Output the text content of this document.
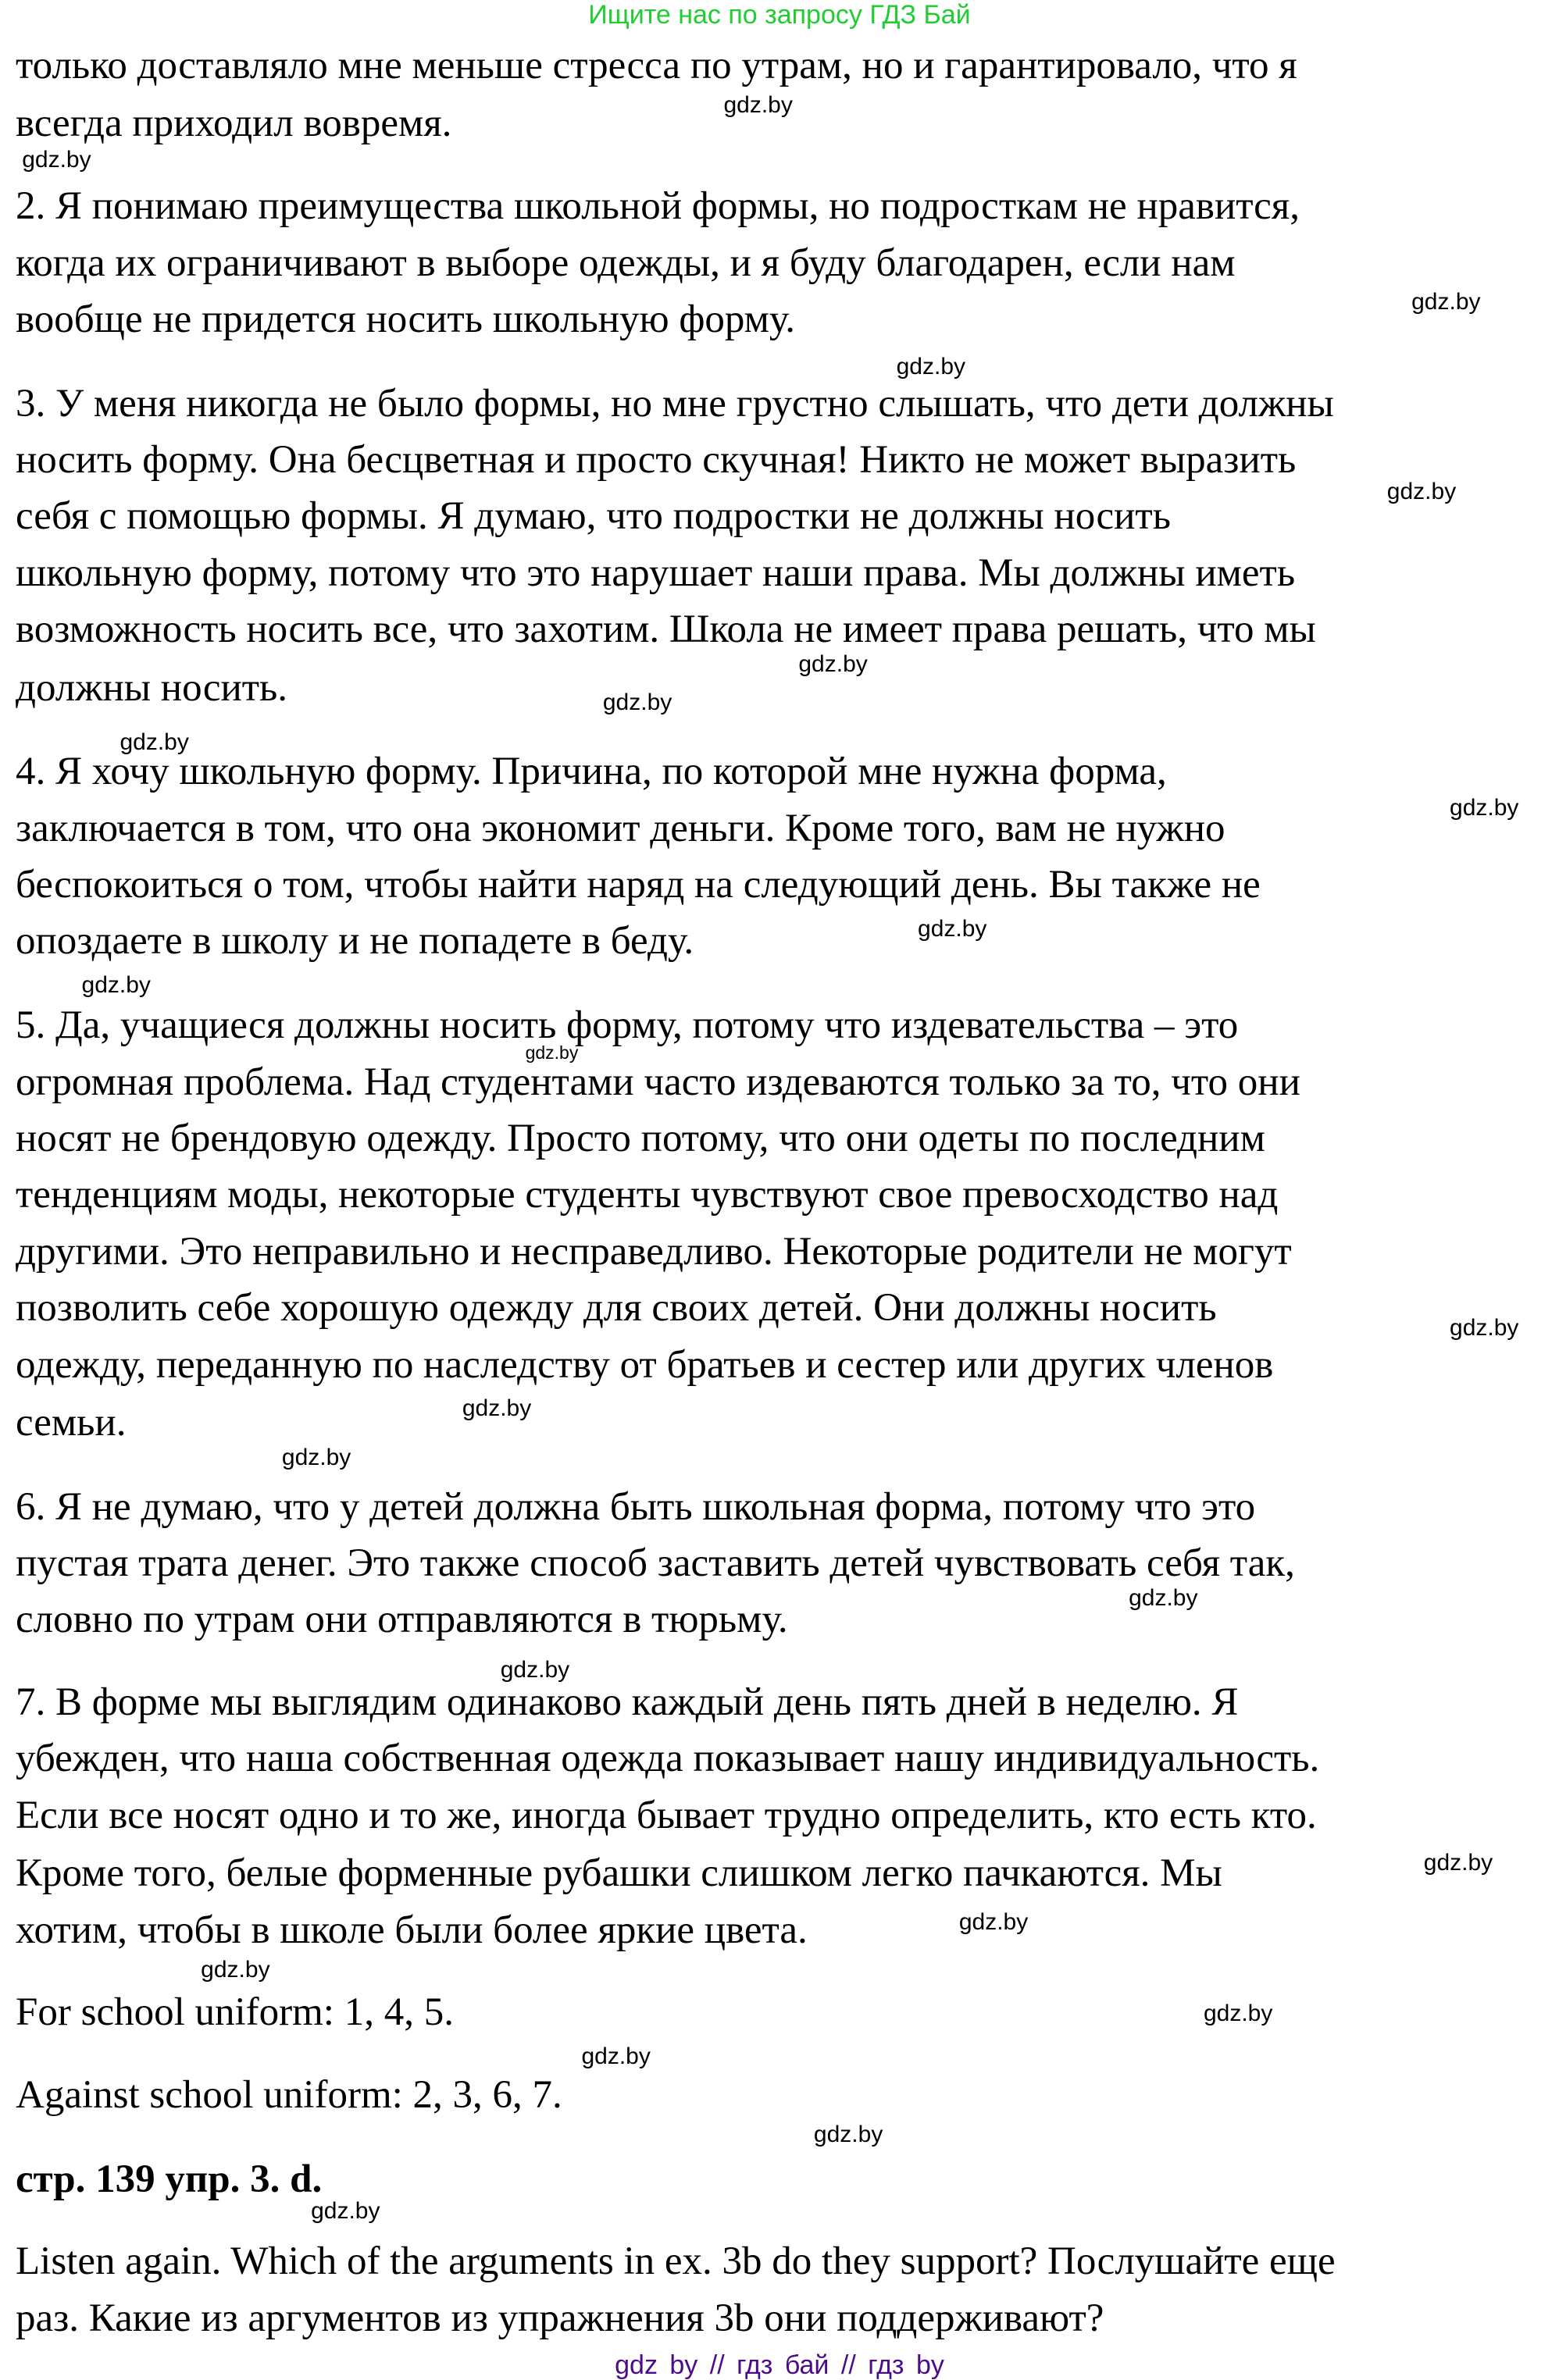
Ищите нас по запросу ГДЗ Бай
только доставляло мне меньше стресса по утрам, но и гарантировало, что я
всегда приходил вовремя.
2. Я понимаю преимущества школьной формы, но подросткам не нравится,
когда их ограничивают в выборе одежды, и я буду благодарен, если нам
вообще не придется носить школьную форму.
3. У меня никогда не было формы, но мне грустно слышать, что дети должны
носить форму. Она бесцветная и просто скучная! Никто не может выразить
себя с помощью формы. Я думаю, что подростки не должны носить
школьную форму, потому что это нарушает наши права. Мы должны иметь
возможность носить все, что захотим. Школа не имеет права решать, что мы
должны носить.
4. Я хочу школьную форму. Причина, по которой мне нужна форма,
заключается в том, что она экономит деньги. Кроме того, вам не нужно
беспокоиться о том, чтобы найти наряд на следующий день. Вы также не
опоздаете в школу и не попадете в беду.
5. Да, учащиеся должны носить форму, потому что издевательства – это
огромная проблема. Над студентами часто издеваются только за то, что они
носят не брендовую одежду. Просто потому, что они одеты по последним
тенденциям моды, некоторые студенты чувствуют свое превосходство над
другими. Это неправильно и несправедливо. Некоторые родители не могут
позволить себе хорошую одежду для своих детей. Они должны носить
одежду, переданную по наследству от братьев и сестер или других членов
семьи.
6. Я не думаю, что у детей должна быть школьная форма, потому что это
пустая трата денег. Это также способ заставить детей чувствовать себя так,
словно по утрам они отправляются в тюрьму.
7. В форме мы выглядим одинаково каждый день пять дней в неделю. Я
убежден, что наша собственная одежда показывает нашу индивидуальность.
Если все носят одно и то же, иногда бывает трудно определить, кто есть кто.
Кроме того, белые форменные рубашки слишком легко пачкаются. Мы
хотим, чтобы в школе были более яркие цвета.
For school uniform: 1, 4, 5.
Against school uniform: 2, 3, 6, 7.
стр. 139 упр. 3. d.
Listen again. Which of the arguments in ex. 3b do they support? Послушайте еще
раз. Какие из аргументов из упражнения 3b они поддерживают?
gdz.by
gdz.by
gdz.by
gdz.by
gdz.by
gdz.by
gdz.by
gdz.by
gdz.by
gdz.by
gdz.by
gdz.by
gdz.by
gdz.by
gdz.by
gdz.by
gdz.by
gdz.by
gdz.by
gdz.by
gdz.by
gdz.by
gdz.by
gdz.by
gdz by // гдз бай // гдз by
